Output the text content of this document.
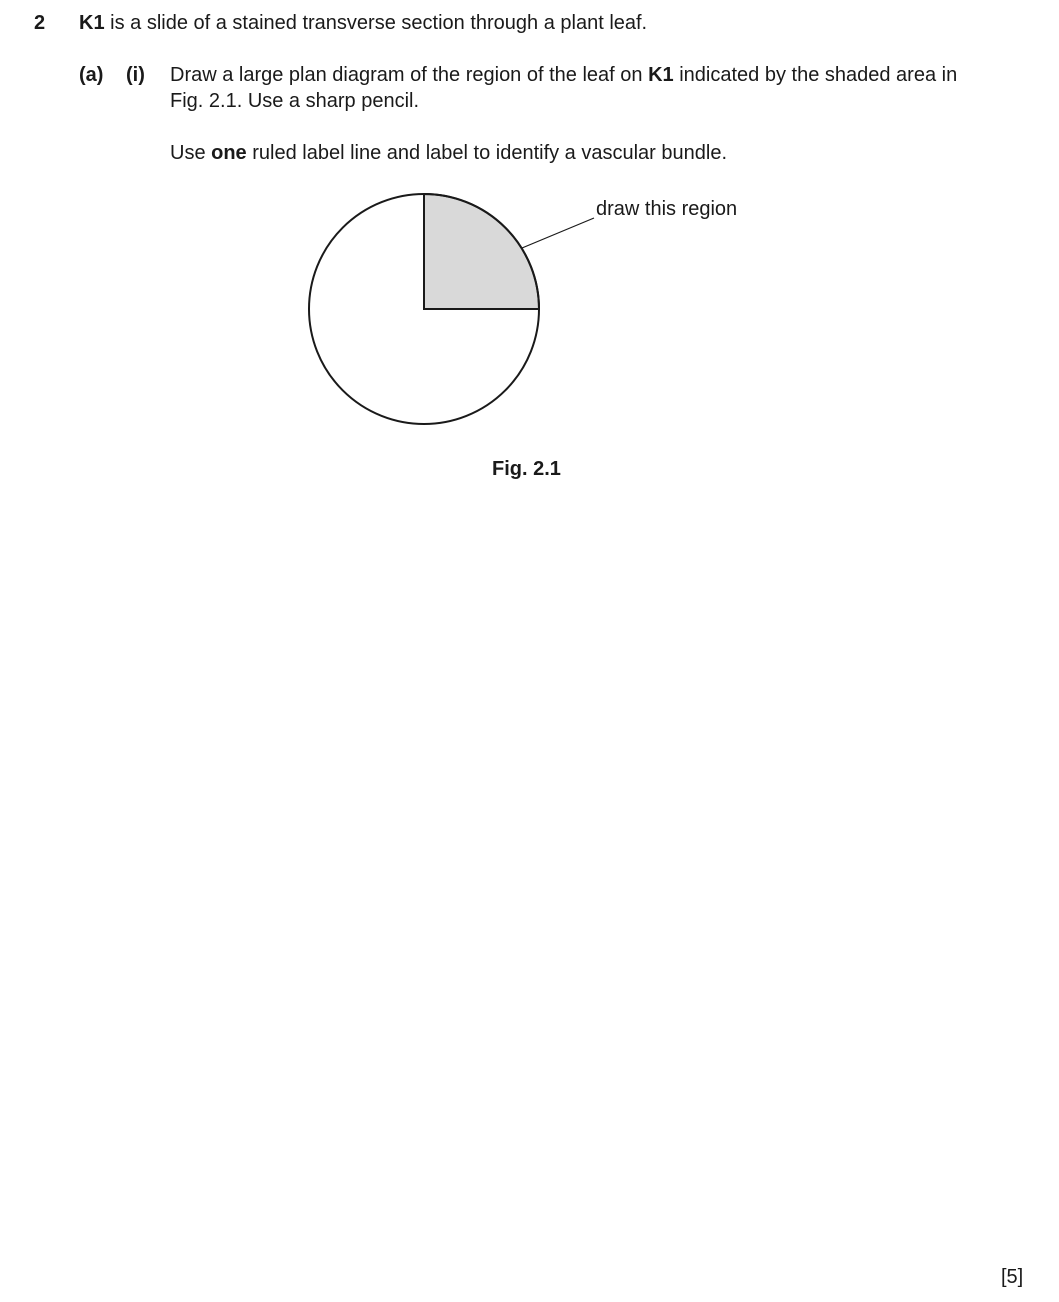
2 K1 is a slide of a stained transverse section through a plant leaf.
(a) (i) Draw a large plan diagram of the region of the leaf on K1 indicated by the shaded area in
Fig. 2.1. Use a sharp pencil.
Use one ruled label line and label to identify a vascular bundle.
draw this region
Fig. 2.1
[5]
